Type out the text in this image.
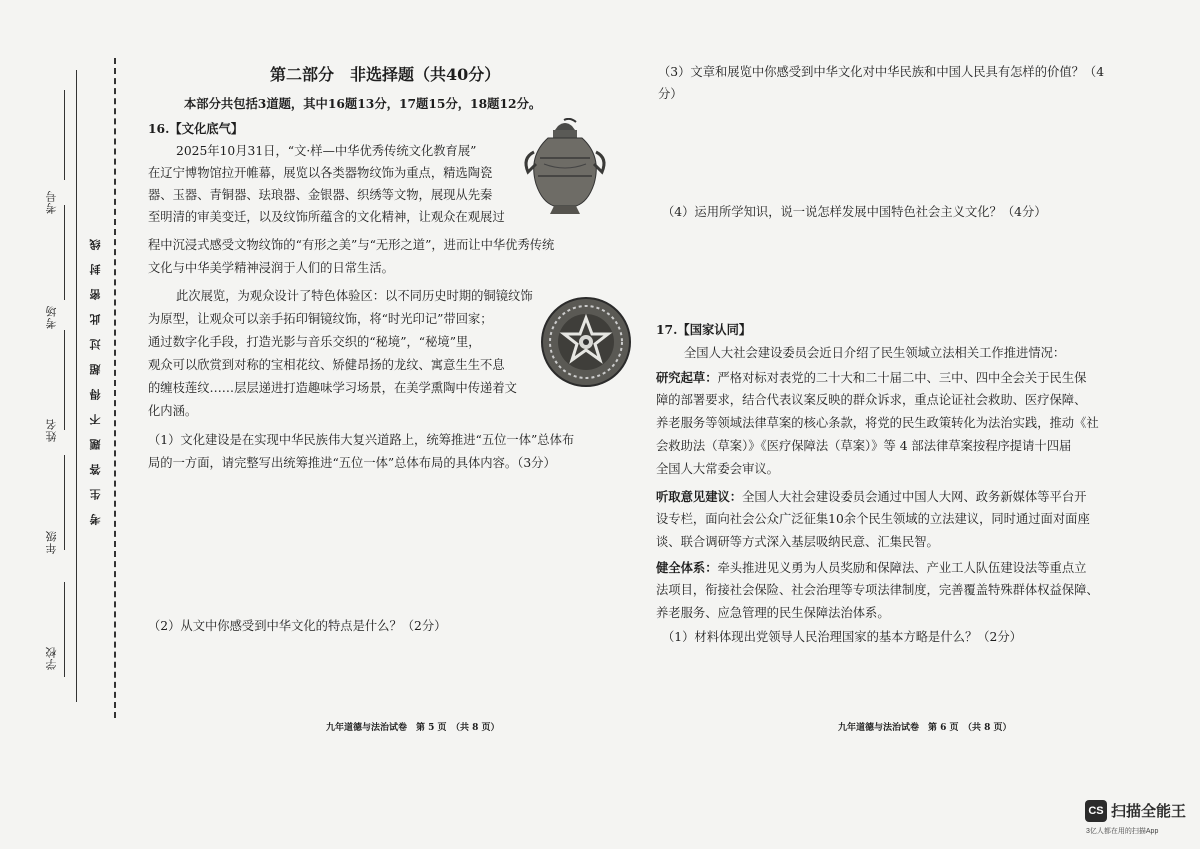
学校
年级
姓名
考场
考号
考生答题不得超过此密封线
第二部分　非选择题（共40分）
本部分共包括3道题，其中16题13分，17题15分，18题12分。
16.【文化底气】
2025年10月31日，“文·样—中华优秀传统文化教育展”
在辽宁博物馆拉开帷幕，展览以各类器物纹饰为重点，精选陶瓷
器、玉器、青铜器、珐琅器、金银器、织绣等文物，展现从先秦
至明清的审美变迁，以及纹饰所蕴含的文化精神，让观众在观展过
程中沉浸式感受文物纹饰的“有形之美”与“无形之道”，进而让中华优秀传统
文化与中华美学精神浸润于人们的日常生活。
此次展览，为观众设计了特色体验区：以不同历史时期的铜镜纹饰
为原型，让观众可以亲手拓印铜镜纹饰，将“时光印记”带回家；
通过数字化手段，打造光影与音乐交织的“秘境”，“秘境”里，
观众可以欣赏到对称的宝相花纹、矫健昂扬的龙纹、寓意生生不息
的缠枝莲纹……层层递进打造趣味学习场景，在美学熏陶中传递着文
化内涵。
（1）文化建设是在实现中华民族伟大复兴道路上，统筹推进“五位一体”总体布
局的一方面，请完整写出统筹推进“五位一体”总体布局的具体内容。（3分）
（2）从文中你感受到中华文化的特点是什么？（2分）
九年道德与法治试卷　第 5 页　（共 8 页）
（3）文章和展览中你感受到中华文化对中华民族和中国人民具有怎样的价值？（4
分）
（4）运用所学知识，说一说怎样发展中国特色社会主义文化？（4分）
17.【国家认同】
全国人大社会建设委员会近日介绍了民生领域立法相关工作推进情况：
研究起草：严格对标对表党的二十大和二十届二中、三中、四中全会关于民生保
障的部署要求，结合代表议案反映的群众诉求，重点论证社会救助、医疗保障、
养老服务等领域法律草案的核心条款，将党的民生政策转化为法治实践，推动《社
会救助法（草案）》《医疗保障法（草案）》等 4 部法律草案按程序提请十四届
全国人大常委会审议。
听取意见建议：全国人大社会建设委员会通过中国人大网、政务新媒体等平台开
设专栏，面向社会公众广泛征集10余个民生领域的立法建议，同时通过面对面座
谈、联合调研等方式深入基层吸纳民意、汇集民智。
健全体系：牵头推进见义勇为人员奖励和保障法、产业工人队伍建设法等重点立
法项目，衔接社会保险、社会治理等专项法律制度，完善覆盖特殊群体权益保障、
养老服务、应急管理的民生保障法治体系。
（1）材料体现出党领导人民治理国家的基本方略是什么？（2分）
九年道德与法治试卷　第 6 页　（共 8 页）
CS 扫描全能王
3亿人都在用的扫描App
